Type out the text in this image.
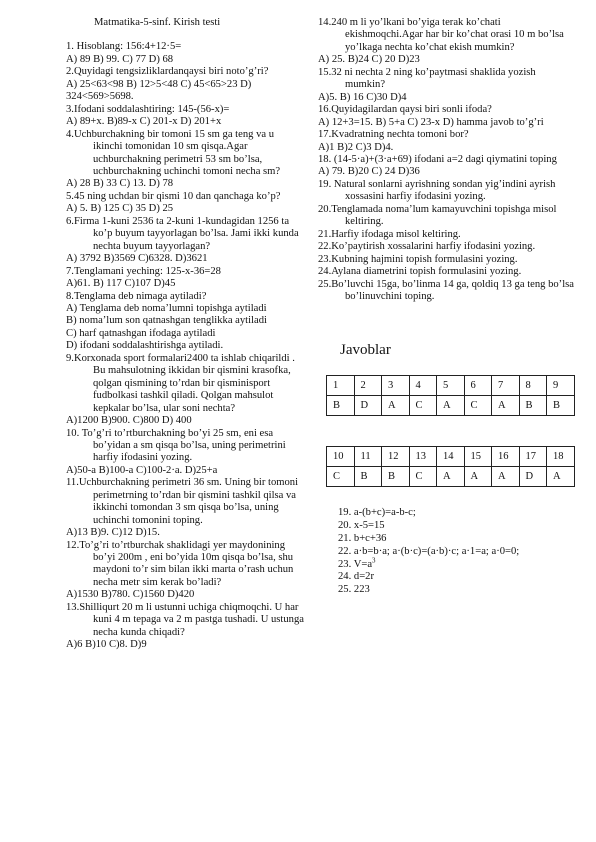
Matmatika-5-sinf. Kirish testi
1. Hisoblang: 156:4+12·5=
A) 89 B) 99. C) 77 D) 68
2.Quyidagi tengsizliklardanqaysi biri noto’g’ri?
A) 25<63<98 B) 12>5<48 C) 45<65>23 D) 324<569>5698.
3.Ifodani soddalashtiring: 145-(56-x)=
A) 89+x. B)89-x C) 201-x D) 201+x
4.Uchburchakning bir tomoni 15 sm ga teng va u ikinchi tomonidan 10 sm qisqa.Agar uchburchakning perimetri 53 sm bo’lsa, uchburchakning uchinchi tomoni necha sm?
A) 28 B) 33 C) 13. D) 78
5.45 ning uchdan bir qismi 10 dan qanchaga ko’p?
A) 5. B) 125 C) 35 D) 25
6.Firma 1-kuni 2536 ta 2-kuni 1-kundagidan 1256 ta ko’p buyum tayyorlagan bo’lsa. Jami ikki kunda nechta buyum tayyorlagan?
A) 3792 B)3569 C)6328. D)3621
7.Tenglamani yeching: 125-x-36=28
A)61. B) 117 C)107 D)45
8.Tenglama deb nimaga aytiladi?
A) Tenglama deb noma’lumni topishga aytiladi
B) noma’lum son qatnashgan tenglikka aytiladi
C) harf qatnashgan ifodaga aytiladi
D) ifodani soddalashtirishga aytiladi.
9.Korxonada sport formalari2400 ta ishlab chiqarildi . Bu mahsulotning ikkidan bir qismini krasofka, qolgan qismining to’rdan bir qisminisport fudbolkasi tashkil qiladi. Qolgan mahsulot kepkalar bo’lsa, ular soni nechta?
A)1200 B)900. C)800 D) 400
10. To’g’ri to’rtburchakning bo’yi 25 sm, eni esa bo’yidan a sm qisqa bo’lsa, uning perimetrini harfiy ifodasini yozing.
A)50-a B)100-a C)100-2·a. D)25+a
11.Uchburchakning perimetri 36 sm. Uning bir tomoni perimetrning to’rdan bir qismini tashkil qilsa va ikkinchi tomondan 3 sm qisqa bo’lsa, uning uchinchi tomonini toping.
A)13 B)9. C)12 D)15.
12.To’g’ri to’rtburchak shaklidagi yer maydonining bo’yi 200m , eni bo’yida 10m qisqa bo’lsa, shu maydoni to’r sim bilan ikki marta o’rash uchun necha metr sim kerak bo’ladi?
A)1530 B)780. C)1560 D)420
13.Shilliqurt 20 m li ustunni uchiga chiqmoqchi. U har kuni 4 m tepaga va 2 m pastga tushadi. U ustunga necha kunda chiqadi?
A)6 B)10 C)8. D)9
14.240 m li yo’lkani bo’yiga terak ko’chati ekishmoqchi.Agar har bir ko’chat orasi 10 m bo’lsa yo’lkaga nechta ko’chat ekish mumkin?
A) 25. B)24 C) 20 D)23
15.32 ni nechta 2 ning ko’paytmasi shaklida yozish mumkin?
A)5. B) 16 C)30 D)4
16.Quyidagilardan qaysi biri sonli ifoda?
A) 12+3=15. B) 5+a C) 23-x D) hamma javob to’g’ri
17.Kvadratning nechta tomoni bor?
A)1 B)2 C)3 D)4.
18. (14-5·a)+(3·a+69) ifodani a=2 dagi qiymatini toping
A) 79. B)20 C) 24 D)36
19. Natural sonlarni ayrishning sondan yig’indini ayrish xossasini harfiy ifodasini yozing.
20.Tenglamada noma’lum kamayuvchini topishga misol keltiring.
21.Harfiy ifodaga misol keltiring.
22.Ko’paytirish xossalarini harfiy ifodasini yozing.
23.Kubning hajmini topish formulasini yozing.
24.Aylana diametrini topish formulasini yozing.
25.Bo’luvchi 15ga, bo’linma 14 ga, qoldiq 13 ga teng bo’lsa bo’linuvchini toping.
Javoblar
1	2	3	4	5	6	7	8	9
B	D	A	C	A	C	A	B	B
10	11	12	13	14	15	16	17	18
C	B	B	C	A	A	A	D	A
19. a-(b+c)=a-b-c;
20. x-5=15
21. b+c+36
22. a·b=b·a; a·(b·c)=(a·b)·c; a·1=a; a·0=0;
23. $V=a^3$
24. d=2r
25. 223
